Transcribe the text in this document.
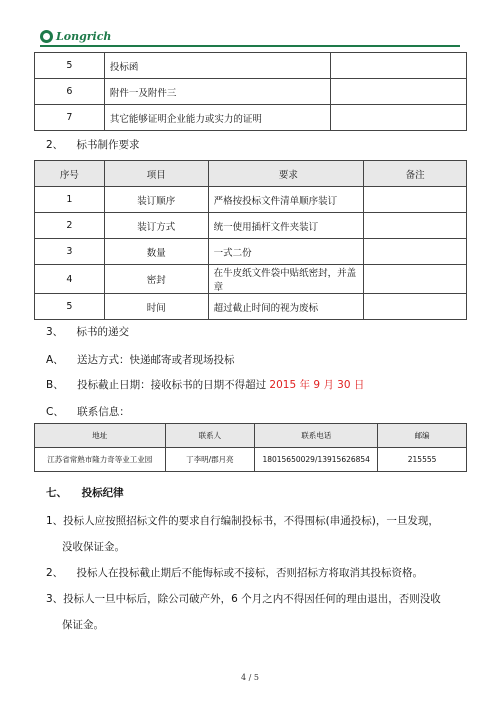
Longrich
5	投标函	
6	附件一及附件三	
7	其它能够证明企业能力或实力的证明	
2、 标书制作要求
序号	项目	要求	备注
1	装订顺序	严格按投标文件清单顺序装订	
2	装订方式	统一使用插杆文件夹装订	
3	数量	一式二份	
4	密封	在牛皮纸文件袋中贴纸密封，并盖章	
5	时间	超过截止时间的视为废标	
3、 标书的递交
A、 送达方式：快递邮寄或者现场投标
B、 投标截止日期：接收标书的日期不得超过 2015 年 9 月 30 日
C、 联系信息：
地址	联系人	联系电话	邮编
江苏省常熟市隆力奇等业工业园	丁李明/郡月亮	18015650029/13915626854	215555
七、 投标纪律
1、投标人应按照招标文件的要求自行编制投标书，不得围标(串通投标)，一旦发现，
没收保证金。
2、 投标人在投标截止期后不能悔标或不接标，否则招标方将取消其投标资格。
3、投标人一旦中标后，除公司破产外，6 个月之内不得因任何的理由退出，否则没收
保证金。
4 / 5
